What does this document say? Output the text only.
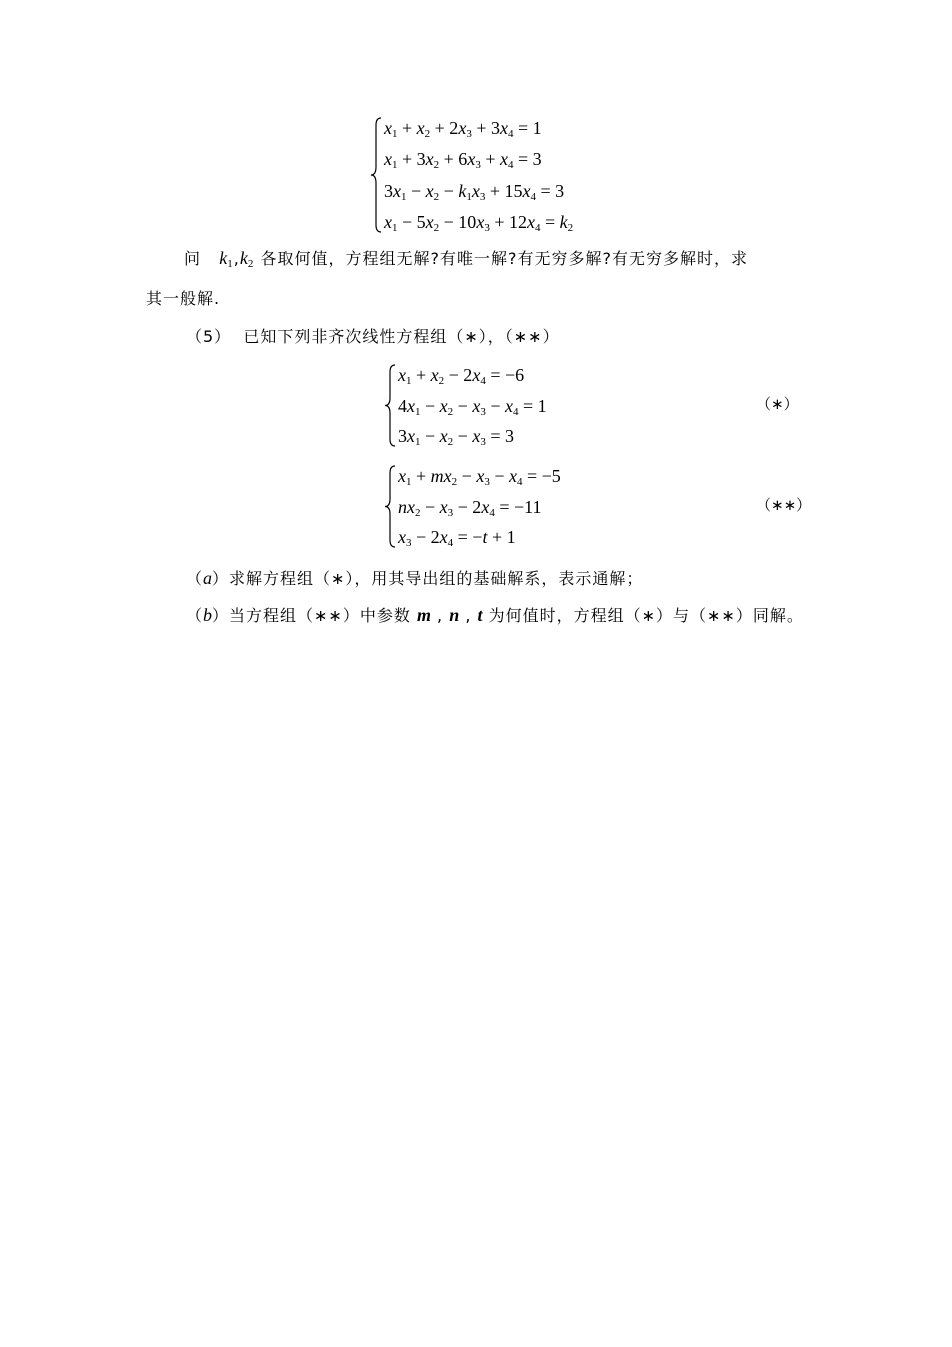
$x_1 + x_2 + 2x_3 + 3x_4 = 1$
$x_1 + 3x_2 + 6x_3 + x_4 = 3$
$3x_1 - x_2 - k_1x_3 + 15x_4 = 3$
$x_1 - 5x_2 - 10x_3 + 12x_4 = k_2$
问 $k_1,k_2$ 各取何值，方程组无解?有唯一解?有无穷多解?有无穷多解时，求
其一般解.
（5） 已知下列非齐次线性方程组（∗），（∗∗）
$x_1 + x_2 - 2x_4 = -6$
$4x_1 - x_2 - x_3 - x_4 = 1$
$3x_1 - x_2 - x_3 = 3$
（∗）
$x_1 + mx_2 - x_3 - x_4 = -5$
$nx_2 - x_3 - 2x_4 = -11$
$x_3 - 2x_4 = -t + 1$
（∗∗）
（a）求解方程组（∗），用其导出组的基础解系，表示通解；
（b）当方程组（∗∗）中参数 m , n , t 为何值时，方程组（∗）与（∗∗）同解。
